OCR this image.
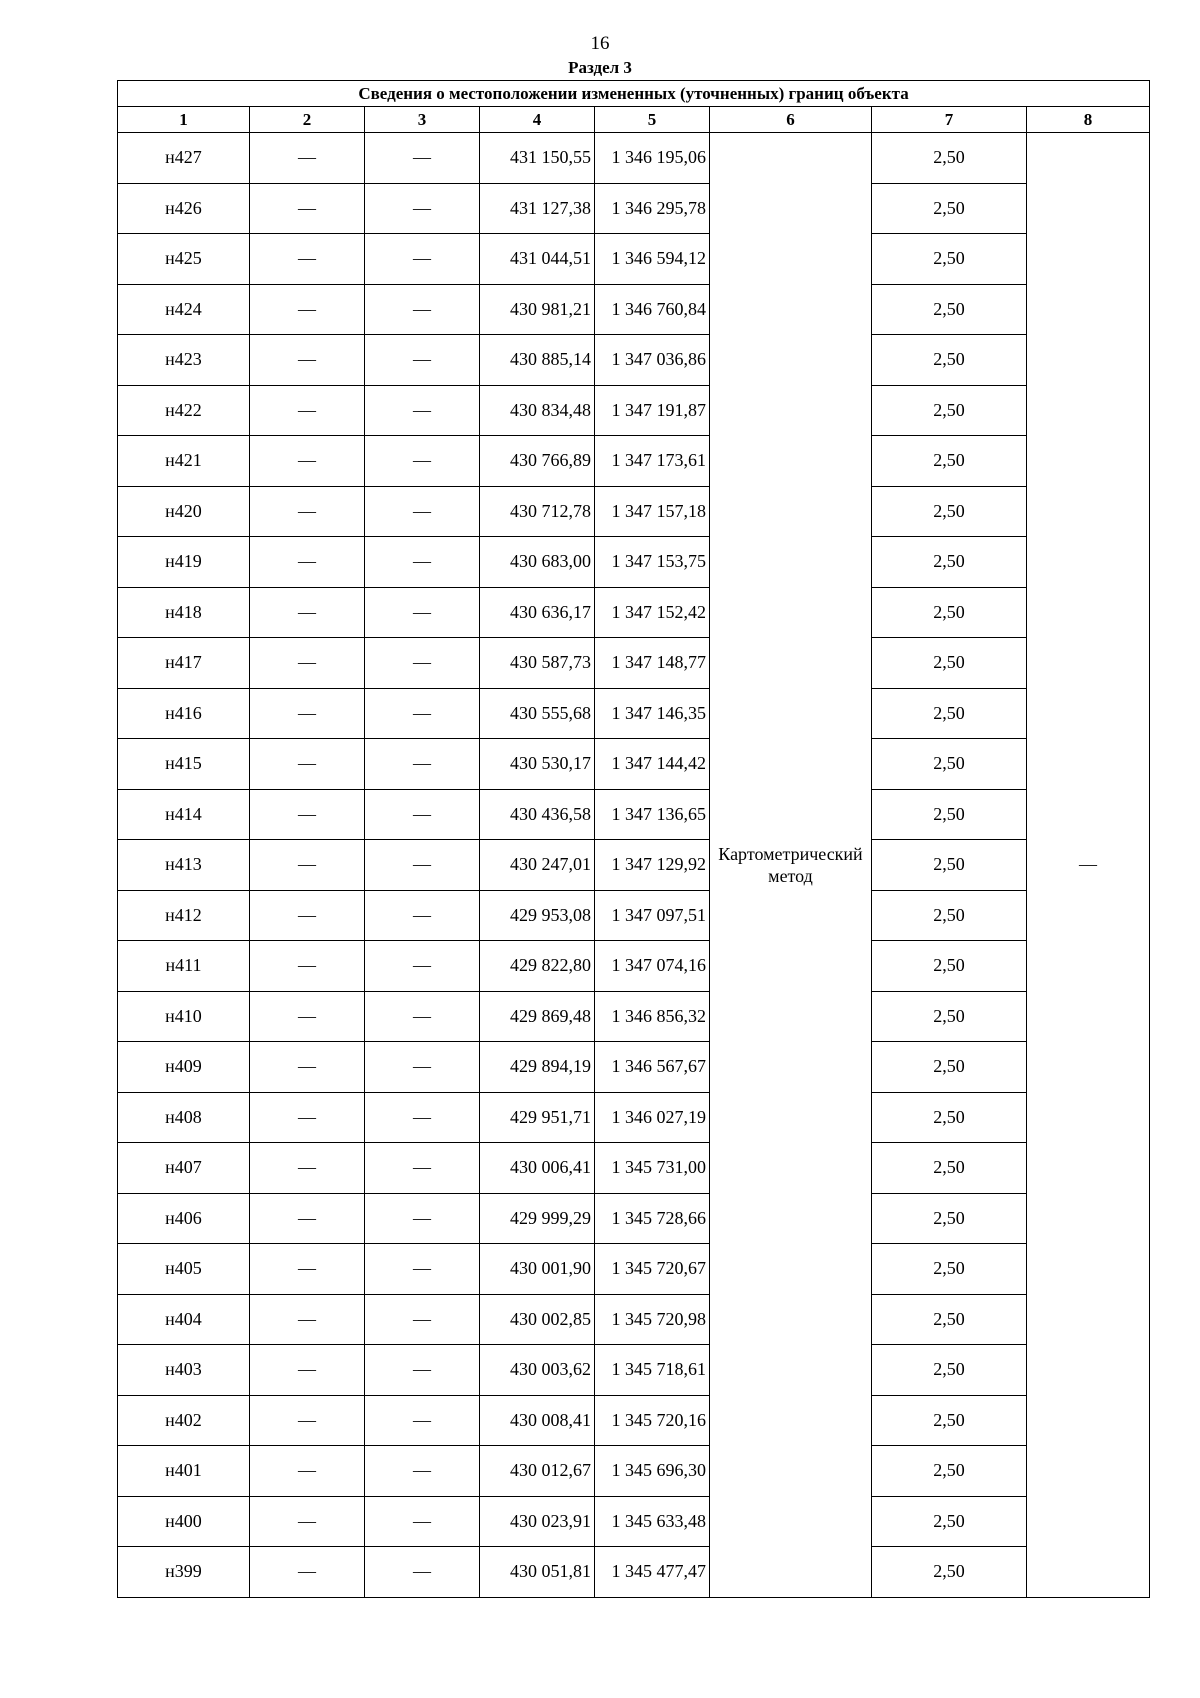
16
Раздел 3
Сведения о местоположении измененных (уточненных) границ объекта							
1	2	3	4	5	6	7	8
н427	—	—	431 150,55	1 346 195,06	Картометрический метод	2,50	—
н426	—	—	431 127,38	1 346 295,78		2,50	
н425	—	—	431 044,51	1 346 594,12		2,50	
н424	—	—	430 981,21	1 346 760,84		2,50	
н423	—	—	430 885,14	1 347 036,86		2,50	
н422	—	—	430 834,48	1 347 191,87		2,50	
н421	—	—	430 766,89	1 347 173,61		2,50	
н420	—	—	430 712,78	1 347 157,18		2,50	
н419	—	—	430 683,00	1 347 153,75		2,50	
н418	—	—	430 636,17	1 347 152,42		2,50	
н417	—	—	430 587,73	1 347 148,77		2,50	
н416	—	—	430 555,68	1 347 146,35		2,50	
н415	—	—	430 530,17	1 347 144,42		2,50	
н414	—	—	430 436,58	1 347 136,65		2,50	
н413	—	—	430 247,01	1 347 129,92		2,50	
н412	—	—	429 953,08	1 347 097,51		2,50	
н411	—	—	429 822,80	1 347 074,16		2,50	
н410	—	—	429 869,48	1 346 856,32		2,50	
н409	—	—	429 894,19	1 346 567,67		2,50	
н408	—	—	429 951,71	1 346 027,19		2,50	
н407	—	—	430 006,41	1 345 731,00		2,50	
н406	—	—	429 999,29	1 345 728,66		2,50	
н405	—	—	430 001,90	1 345 720,67		2,50	
н404	—	—	430 002,85	1 345 720,98		2,50	
н403	—	—	430 003,62	1 345 718,61		2,50	
н402	—	—	430 008,41	1 345 720,16		2,50	
н401	—	—	430 012,67	1 345 696,30		2,50	
н400	—	—	430 023,91	1 345 633,48		2,50	
н399	—	—	430 051,81	1 345 477,47		2,50	
